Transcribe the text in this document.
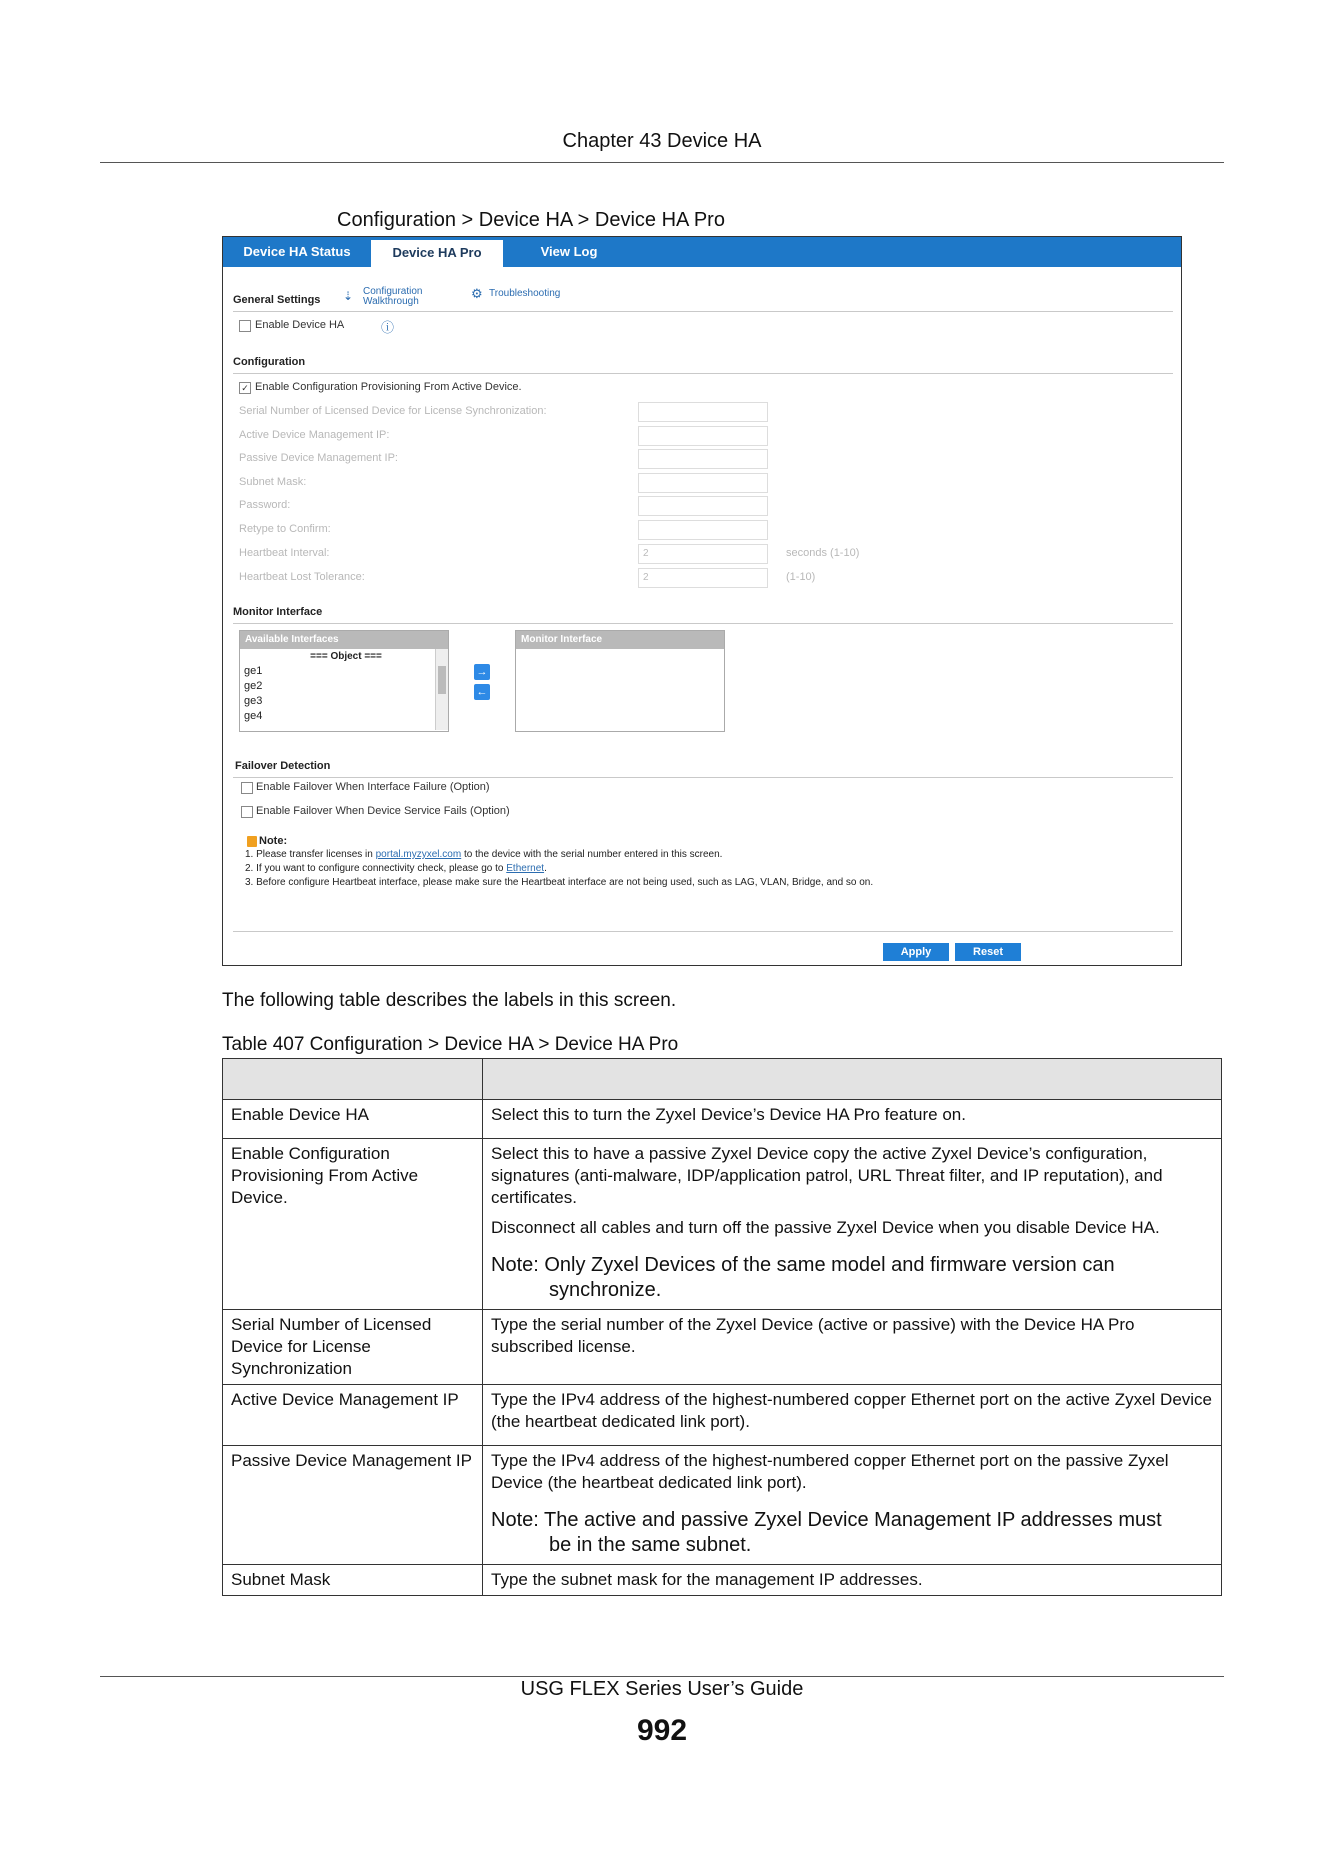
Chapter 43 Device HA
Configuration > Device HA > Device HA Pro
Device HA Status	Device HA Pro	View Log
General Settings ⇣ Configuration
Walkthrough
⚙ Troubleshooting
Enable Device HA	ⓘ
Configuration
✓ Enable Configuration Provisioning From Active Device.
Serial Number of Licensed Device for License Synchronization:
Active Device Management IP:
Passive Device Management IP:
Subnet Mask:
Password:
Retype to Confirm:
Heartbeat Interval:	2	seconds (1-10)
Heartbeat Lost Tolerance:	2	(1-10)
Monitor Interface
Available Interfaces
=== Object ===
ge1
ge2
ge3
ge4
→
←
Monitor Interface
Failover Detection
Enable Failover When Interface Failure (Option)
Enable Failover When Device Service Fails (Option)
Note:
1. Please transfer licenses in portal.myzyxel.com to the device with the serial number entered in this screen.
2. If you want to configure connectivity check, please go to Ethernet.
3. Before configure Heartbeat interface, please make sure the Heartbeat interface are not being used, such as LAG, VLAN, Bridge, and so on.
Apply	Reset
The following table describes the labels in this screen.
Table 407 Configuration > Device HA > Device HA Pro

Enable Device HA	Select this to turn the Zyxel Device’s Device HA Pro feature on.

Enable Configuration Provisioning From Active Device.	Select this to have a passive Zyxel Device copy the active Zyxel Device’s configuration, signatures (anti-malware, IDP/application patrol, URL Threat filter, and IP reputation), and certificates.

Disconnect all cables and turn off the passive Zyxel Device when you disable Device HA.

Note: Only Zyxel Devices of the same model and firmware version can
synchronize.

Serial Number of Licensed Device for License Synchronization	Type the serial number of the Zyxel Device (active or passive) with the Device HA Pro subscribed license.

Active Device Management IP	Type the IPv4 address of the highest-numbered copper Ethernet port on the active Zyxel Device (the heartbeat dedicated link port).

Passive Device Management IP	Type the IPv4 address of the highest-numbered copper Ethernet port on the passive Zyxel Device (the heartbeat dedicated link port).

Note: The active and passive Zyxel Device Management IP addresses must
be in the same subnet.

Subnet Mask	Type the subnet mask for the management IP addresses.

USG FLEX Series User’s Guide
992
